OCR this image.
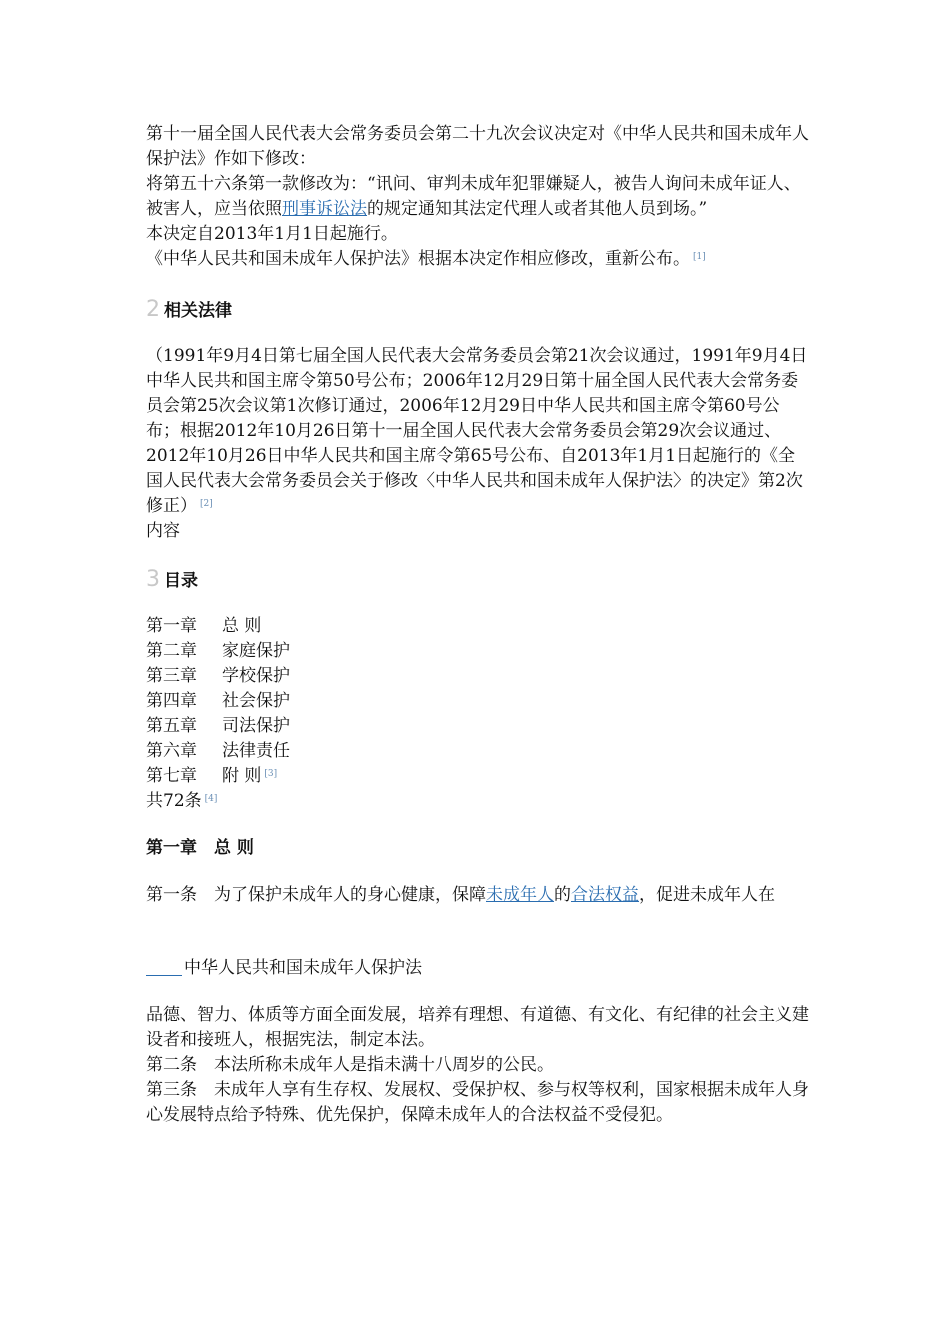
第十一届全国人民代表大会常务委员会第二十九次会议决定对《中华人民共和国未成年人保护法》作如下修改：

将第五十六条第一款修改为：“讯问、审判未成年犯罪嫌疑人，被告人询问未成年证人、被害人，应当依照刑事诉讼法的规定通知其法定代理人或者其他人员到场。”

本决定自2013年1月1日起施行。

《中华人民共和国未成年人保护法》根据本决定作相应修改，重新公布。 [1]

2 相关法律

（1991年9月4日第七届全国人民代表大会常务委员会第21次会议通过，1991年9月4日中华人民共和国主席令第50号公布；2006年12月29日第十届全国人民代表大会常务委员会第25次会议第1次修订通过，2006年12月29日中华人民共和国主席令第60号公布；根据2012年10月26日第十一届全国人民代表大会常务委员会第29次会议通过、2012年10月26日中华人民共和国主席令第65号公布、自2013年1月1日起施行的《全国人民代表大会常务委员会关于修改〈中华人民共和国未成年人保护法〉的决定》第2次修正） [2]

内容

3 目录
第一章	总 则
第二章	家庭保护
第三章	学校保护
第四章	社会保护
第五章	司法保护
第六章	法律责任
第七章	附 则 [3]
共72条 [4]

第一章　总 则

第一条　为了保护未成年人的身心健康，保障未成年人的合法权益，促进未成年人在

中华人民共和国未成年人保护法

品德、智力、体质等方面全面发展，培养有理想、有道德、有文化、有纪律的社会主义建设者和接班人，根据宪法，制定本法。

第二条　本法所称未成年人是指未满十八周岁的公民。

第三条　未成年人享有生存权、发展权、受保护权、参与权等权利，国家根据未成年人身心发展特点给予特殊、优先保护，保障未成年人的合法权益不受侵犯。
